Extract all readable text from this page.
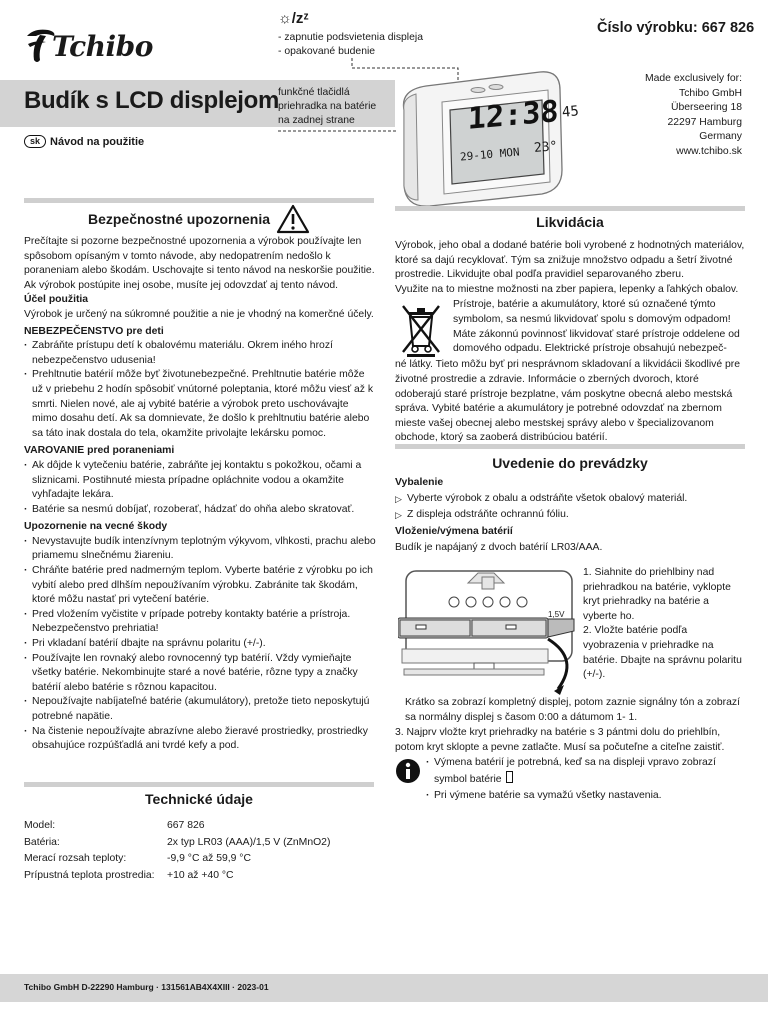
Tchibo
☼/zᶻ
- zapnutie podsvietenia displeja
- opakované budenie
Číslo výrobku: 667 826
Budík s LCD displejom
sk Návod na použitie
funkčné tlačidlá
priehradka na batérie
na zadnej strane	12:38 45
29-10 MON 23°
Made exclusively for:
Tchibo GmbH
Überseering 18
22297 Hamburg
Germany
www.tchibo.sk
Bezpečnostné upozornenia
Prečítajte si pozorne bezpečnostné upozornenia a výrobok používajte len spôsobom opísaným v tomto návode, aby nedopatrením nedošlo k poraneniam alebo škodám. Uschovajte si tento návod na neskoršie použitie. Ak výrobok postúpite inej osobe, musíte jej odovzdať aj tento návod.
Účel použitia
Výrobok je určený na súkromné použitie a nie je vhodný na komerčné účely.
NEBEZPEČENSTVO pre deti
· Zabráňte prístupu detí k obalovému materiálu. Okrem iného hrozí nebezpečenstvo udusenia!
· Prehltnutie batérií môže byť životunebezpečné. Prehltnutie batérie môže už v priebehu 2 hodín spôsobiť vnútorné poleptania, ktoré môžu viesť až k smrti. Nielen nové, ale aj vybité batérie a výrobok preto uschovávajte mimo dosahu detí. Ak sa domnievate, že došlo k prehltnutiu batérie alebo sa táto inak dostala do tela, okamžite privolajte lekársku pomoc.
VAROVANIE pred poraneniami
· Ak dôjde k vytečeniu batérie, zabráňte jej kontaktu s pokožkou, očami a sliznicami. Postihnuté miesta prípadne opláchnite vodou a okamžite vyhľadajte lekára.
· Batérie sa nesmú dobíjať, rozoberať, hádzať do ohňa alebo skratovať.
Upozornenie na vecné škody
· Nevystavujte budík intenzívnym teplotným výkyvom, vlhkosti, prachu alebo priamemu slnečnému žiareniu.
· Chráňte batérie pred nadmerným teplom. Vyberte batérie z výrobku po ich vybití alebo pred dlhším nepoužívaním výrobku. Zabránite tak škodám, ktoré môžu nastať pri vytečení batérie.
· Pred vložením vyčistite v prípade potreby kontakty batérie a prístroja. Nebezpečenstvo prehriatia!
· Pri vkladaní batérií dbajte na správnu polaritu (+/-).
· Používajte len rovnaký alebo rovnocenný typ batérií. Vždy vymieňajte všetky batérie. Nekombinujte staré a nové batérie, rôzne typy a značky batérií alebo batérie s rôznou kapacitou.
· Nepoužívajte nabíjateľné batérie (akumulátory), pretože tieto neposkytujú potrebné napätie.
· Na čistenie nepoužívajte abrazívne alebo žieravé prostriedky, prostriedky obsahujúce rozpúšťadlá ani tvrdé kefy a pod.
Technické údaje
Model:	667 826
Batéria:	2x typ LR03 (AAA)/1,5 V (ZnMnO2)
Merací rozsah teploty:	-9,9 °C až 59,9 °C
Prípustná teplota prostredia:	+10 až +40 °C
Likvidácia
Výrobok, jeho obal a dodané batérie boli vyrobené z hodnotných materiálov, ktoré sa dajú recyklovať. Tým sa znižuje množstvo odpadu a šetrí životné prostredie. Likvidujte obal podľa pravidiel separovaného zberu.
Využite na to miestne možnosti na zber papiera, lepenky a ľahkých obalov.
Prístroje, batérie a akumulátory, ktoré sú označené týmto symbolom, sa nesmú likvidovať spolu s domovým odpadom! Máte zákonnú povinnosť likvidovať staré prístroje oddelene od domového odpadu. Elektrické prístroje obsahujú nebezpeč-
né látky. Tieto môžu byť pri nesprávnom skladovaní a likvidácii škodlivé pre životné prostredie a zdravie. Informácie o zberných dvoroch, ktoré odoberajú staré prístroje bezplatne, vám poskytne obecná alebo mestská správa. Vybité batérie a akumulátory je potrebné odovzdať na zbernom mieste vašej obecnej alebo mestskej správy alebo v špecializovanom obchode, ktorý sa zaoberá distribúciou batérií.
Uvedenie do prevádzky
Vybalenie
▷ Vyberte výrobok z obalu a odstráňte všetok obalový materiál.
▷ Z displeja odstráňte ochrannú fóliu.
Vloženie/výmena batérií
Budík je napájaný z dvoch batérií LR03/AAA.
1,5V
1. Siahnite do priehlbiny nad priehradkou na batérie, vyklopte kryt priehradky na batérie a vyberte ho.
2. Vložte batérie podľa vyobrazenia v priehradke na batérie. Dbajte na správnu polaritu (+/-).
Krátko sa zobrazí kompletný displej, potom zaznie signálny tón a zobrazí sa normálny displej s časom 0:00 a dátumom 1- 1.
3. Najprv vložte kryt priehradky na batérie s 3 pántmi dolu do priehlbín, potom kryt sklopte a pevne zatlačte. Musí sa počuteľne a citeľne zaistiť.
· Výmena batérií je potrebná, keď sa na displeji vpravo zobrazí symbol batérie
· Pri výmene batérie sa vymažú všetky nastavenia.
Tchibo GmbH D-22290 Hamburg · 131561AB4X4XIII · 2023-01
